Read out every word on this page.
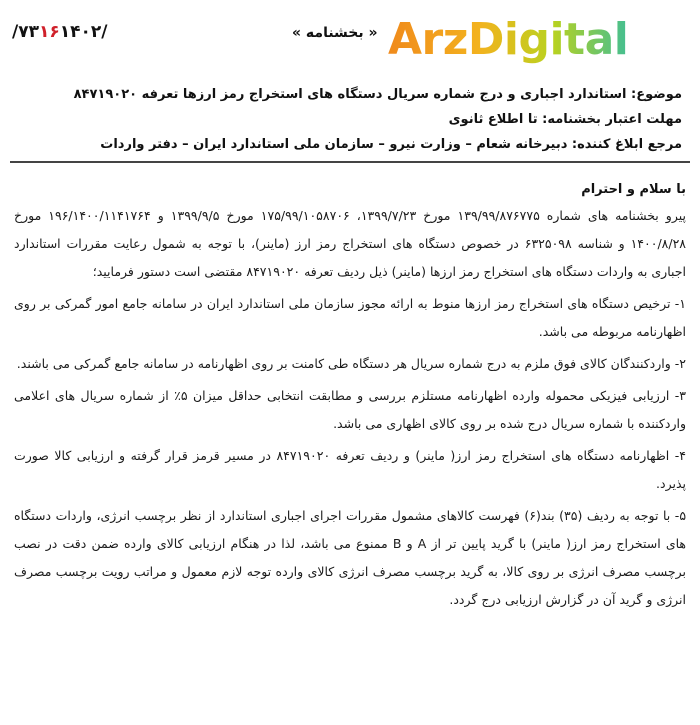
/۷۳۱۶۱۴۰۲/	« بخشنامه » ArzDigital
موضوع: استاندارد اجباری و درج شماره سریال دستگاه های استخراج رمز ارزها تعرفه ۸۴۷۱۹۰۲۰
مهلت اعتبار بخشنامه: تا اطلاع ثانوی
مرجع ابلاغ کننده: دبیرخانه شعام – وزارت نیرو – سازمان ملی استاندارد ایران – دفتر واردات
با سلام و احترام

پیرو بخشنامه های شماره ۱۳۹/۹۹/۸۷۶۷۷۵ مورخ ۱۳۹۹/۷/۲۳، ۱۷۵/۹۹/۱۰۵۸۷۰۶ مورخ ۱۳۹۹/۹/۵ و ۱۹۶/۱۴۰۰/۱۱۴۱۷۶۴ مورخ ۱۴۰۰/۸/۲۸ و شناسه ۶۳۲۵۰۹۸ در خصوص دستگاه های استخراج رمز ارز (ماینر)، با توجه به شمول رعایت مقررات استاندارد اجباری به واردات دستگاه های استخراج رمز ارزها (ماینر) ذیل ردیف تعرفه ۸۴۷۱۹۰۲۰ مقتضی است دستور فرمایید؛

۱- ترخیص دستگاه های استخراج رمز ارزها منوط به ارائه مجوز سازمان ملی استاندارد ایران در سامانه جامع امور گمرکی بر روی اظهارنامه مربوطه می باشد.

۲- واردکنندگان کالای فوق ملزم به درج شماره سریال هر دستگاه طی کامنت بر روی اظهارنامه در سامانه جامع گمرکی می باشند.

۳- ارزیابی فیزیکی محموله وارده اظهارنامه مستلزم بررسی و مطابقت انتخابی حداقل میزان ۵٪ از شماره سریال های اعلامی واردکننده با شماره سریال درج شده بر روی کالای اظهاری می باشد.

۴- اظهارنامه دستگاه های استخراج رمز ارز( ماینر) و ردیف تعرفه ۸۴۷۱۹۰۲۰ در مسیر قرمز قرار گرفته و ارزیابی کالا صورت پذیرد.

۵- با توجه به ردیف (۳۵) بند(۶) فهرست کالاهای مشمول مقررات اجرای اجباری استاندارد از نظر برچسب انرژی، واردات دستگاه های استخراج رمز ارز( ماینر) با گرید پایین تر از A و B ممنوع می باشد، لذا در هنگام ارزیابی کالای وارده ضمن دقت در نصب برچسب مصرف انرژی بر روی کالا، به گرید برچسب مصرف انرژی کالای وارده توجه لازم معمول و مراتب رویت برچسب مصرف انرژی و گرید آن در گزارش ارزیابی درج گردد.
